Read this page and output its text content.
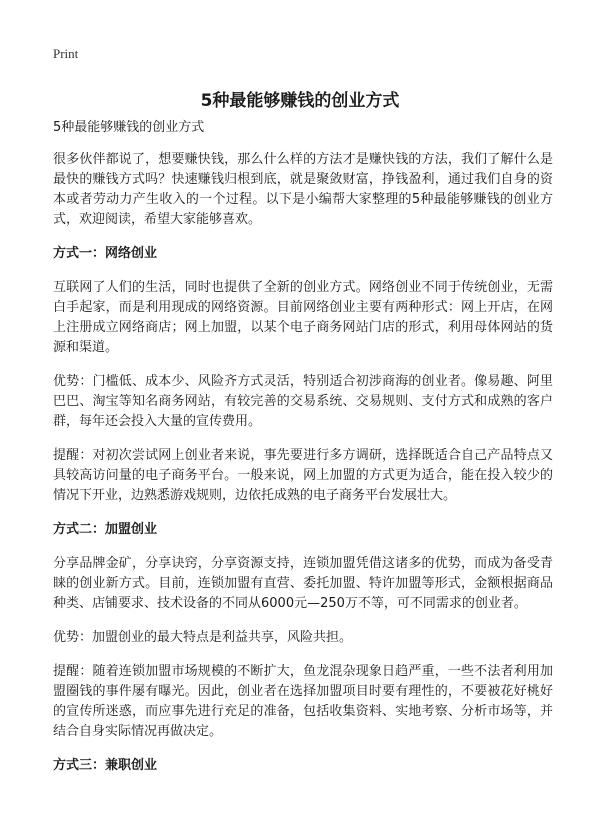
Print
5种最能够赚钱的创业方式

5种最能够赚钱的创业方式

很多伙伴都说了，想要赚快钱，那么什么样的方法才是赚快钱的方法，我们了解什么是最快的赚钱方式吗？快速赚钱归根到底，就是聚敛财富，挣钱盈利，通过我们自身的资本或者劳动力产生收入的一个过程。以下是小编帮大家整理的5种最能够赚钱的创业方式，欢迎阅读，希望大家能够喜欢。

方式一：网络创业

互联网了人们的生活，同时也提供了全新的创业方式。网络创业不同于传统创业，无需白手起家，而是利用现成的网络资源。目前网络创业主要有两种形式：网上开店，在网上注册成立网络商店；网上加盟，以某个电子商务网站门店的形式，利用母体网站的货源和渠道。

优势：门槛低、成本少、风险齐方式灵活，特别适合初涉商海的创业者。像易趣、阿里巴巴、淘宝等知名商务网站，有较完善的交易系统、交易规则、支付方式和成熟的客户群，每年还会投入大量的宣传费用。

提醒：对初次尝试网上创业者来说，事先要进行多方调研，选择既适合自己产品特点又具较高访问量的电子商务平台。一般来说，网上加盟的方式更为适合，能在投入较少的情况下开业，边熟悉游戏规则，边依托成熟的电子商务平台发展壮大。

方式二：加盟创业

分享品牌金矿，分享诀窍，分享资源支持，连锁加盟凭借这诸多的优势，而成为备受青睐的创业新方式。目前，连锁加盟有直营、委托加盟、特许加盟等形式，金额根据商品种类、店铺要求、技术设备的不同从6000元—250万不等，可不同需求的创业者。

优势：加盟创业的最大特点是利益共享，风险共担。

提醒：随着连锁加盟市场规模的不断扩大，鱼龙混杂现象日趋严重，一些不法者利用加盟圈钱的事件屡有曝光。因此，创业者在选择加盟项目时要有理性的，不要被花好桃好的宣传所迷惑，而应事先进行充足的准备，包括收集资料、实地考察、分析市场等，并结合自身实际情况再做决定。

方式三：兼职创业
